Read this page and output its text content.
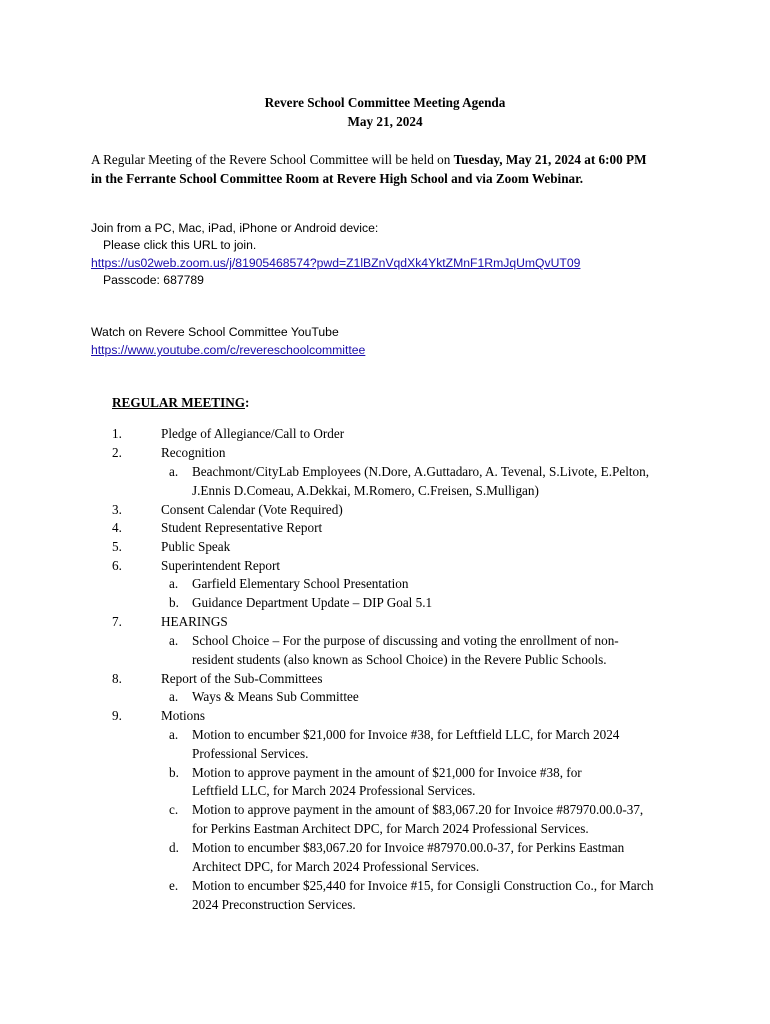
Revere School Committee Meeting Agenda
May 21, 2024
A Regular Meeting of the Revere School Committee will be held on Tuesday, May 21, 2024 at 6:00 PM
in the Ferrante School Committee Room at Revere High School and via Zoom Webinar.
Join from a PC, Mac, iPad, iPhone or Android device:
Please click this URL to join.
https://us02web.zoom.us/j/81905468574?pwd=Z1lBZnVqdXk4YktZMnF1RmJqUmQvUT09
Passcode: 687789
Watch on Revere School Committee YouTube
https://www.youtube.com/c/revereschoolcommittee
REGULAR MEETING:
1.	Pledge of Allegiance/Call to Order
2.	Recognition
a. Beachmont/CityLab Employees (N.Dore, A.Guttadaro, A. Tevenal, S.Livote, E.Pelton,
J.Ennis D.Comeau, A.Dekkai, M.Romero, C.Freisen, S.Mulligan)
3.	Consent Calendar (Vote Required)
4.	Student Representative Report
5.	Public Speak
6.	Superintendent Report
a. Garfield Elementary School Presentation
b. Guidance Department Update – DIP Goal 5.1
7.	HEARINGS
a. School Choice – For the purpose of discussing and voting the enrollment of non-
resident students (also known as School Choice) in the Revere Public Schools.
8.	Report of the Sub-Committees
a. Ways & Means Sub Committee
9.	Motions
a. Motion to encumber $21,000 for Invoice #38, for Leftfield LLC, for March 2024
Professional Services.
b. Motion to approve payment in the amount of $21,000 for Invoice #38, for
Leftfield LLC, for March 2024 Professional Services.
c. Motion to approve payment in the amount of $83,067.20 for Invoice #87970.00.0-37,
for Perkins Eastman Architect DPC, for March 2024 Professional Services.
d. Motion to encumber $83,067.20 for Invoice #87970.00.0-37, for Perkins Eastman
Architect DPC, for March 2024 Professional Services.
e. Motion to encumber $25,440 for Invoice #15, for Consigli Construction Co., for March
2024 Preconstruction Services.
